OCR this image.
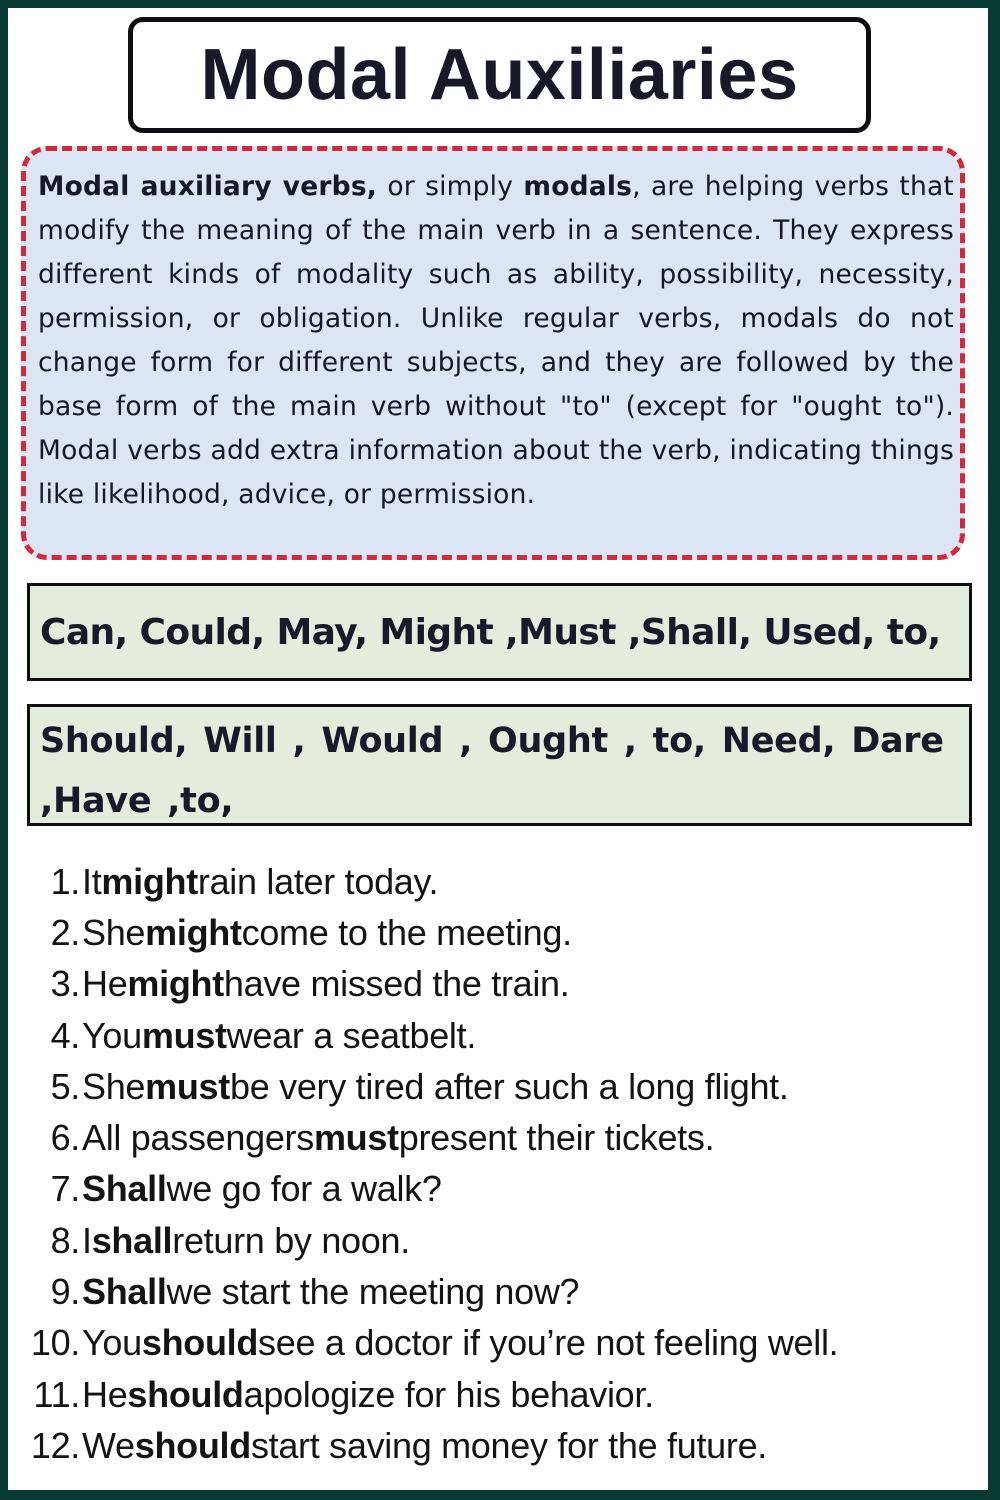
Modal Auxiliaries

Modal auxiliary verbs, or simply modals, are helping verbs that modify the meaning of the main verb in a sentence. They express different kinds of modality such as ability, possibility, necessity, permission, or obligation. Unlike regular verbs, modals do not change form for different subjects, and they are followed by the base form of the main verb without "to" (except for "ought to"). Modal verbs add extra information about the verb, indicating things like likelihood, advice, or permission.

Can, Could, May, Might ,Must ,Shall, Used, to,

Should, Will , Would , Ought , to, Need, Dare ,Have ,to,

1. It might rain later today.
2. She might come to the meeting.
3. He might have missed the train.
4. You must wear a seatbelt.
5. She must be very tired after such a long flight.
6. All passengers must present their tickets.
7. Shall we go for a walk?
8. I shall return by noon.
9. Shall we start the meeting now?
10. You should see a doctor if you’re not feeling well.
11. He should apologize for his behavior.
12. We should start saving money for the future.
